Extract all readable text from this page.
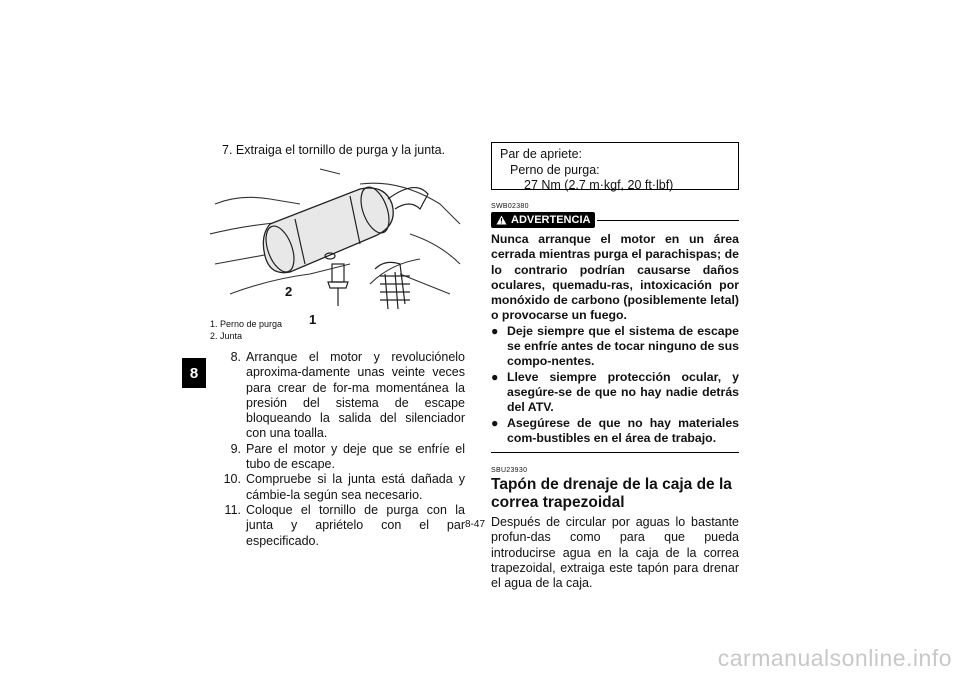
8
7.
Extraiga el tornillo de purga y la junta.
2
1
1. Perno de purga
2. Junta
8. Arranque el motor y revoluciónelo aproxima-damente unas veinte veces para crear de for-ma momentánea la presión del sistema de escape bloqueando la salida del silenciador con una toalla.
9. Pare el motor y deje que se enfríe el tubo de escape.
10. Compruebe si la junta está dañada y cámbie-la según sea necesario.
11. Coloque el tornillo de purga con la junta y apriételo con el par especificado.
Par de apriete:
Perno de purga:
27 Nm (2.7 m·kgf, 20 ft·lbf)
SWB02380
ADVERTENCIA
Nunca arranque el motor en un área cerrada mientras purga el parachispas; de lo contrario podrían causarse daños oculares, quemadu-ras, intoxicación por monóxido de carbono (posiblemente letal) o provocarse un fuego.
● Deje siempre que el sistema de escape se enfríe antes de tocar ninguno de sus compo-nentes.
● Lleve siempre protección ocular, y asegúre-se de que no hay nadie detrás del ATV.
● Asegúrese de que no hay materiales com-bustibles en el área de trabajo.
SBU23930
Tapón de drenaje de la caja de la correa trapezoidal
Después de circular por aguas lo bastante profun-das como para que pueda introducirse agua en la caja de la correa trapezoidal, extraiga este tapón para drenar el agua de la caja.
8-47
carmanualsonline.info
